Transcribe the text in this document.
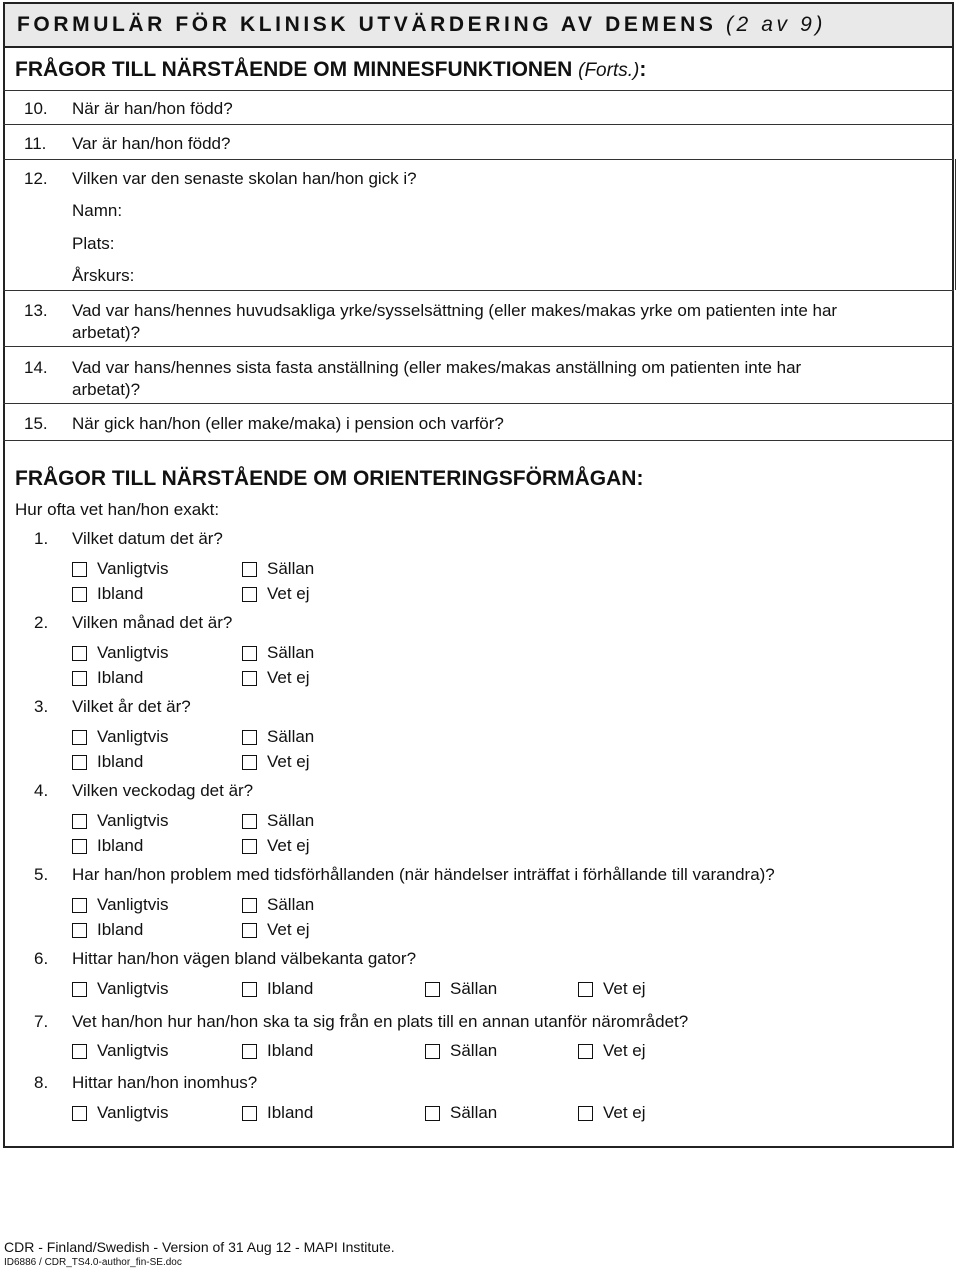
FORMULÄR FÖR KLINISK UTVÄRDERING AV DEMENS (2 av 9)
FRÅGOR TILL NÄRSTÅENDE OM MINNESFUNKTIONEN (Forts.):
10. När är han/hon född?
11. Var är han/hon född?
12. Vilken var den senaste skolan han/hon gick i?
Namn:
Plats:
Årskurs:
13. Vad var hans/hennes huvudsakliga yrke/sysselsättning (eller makes/makas yrke om patienten inte har
arbetat)?
14. Vad var hans/hennes sista fasta anställning (eller makes/makas anställning om patienten inte har
arbetat)?
15. När gick han/hon (eller make/maka) i pension och varför?
FRÅGOR TILL NÄRSTÅENDE OM ORIENTERINGSFÖRMÅGAN:
Hur ofta vet han/hon exakt:
1. Vilket datum det är?
Vanligtvis	Sällan
Ibland	Vet ej
2. Vilken månad det är?
Vanligtvis	Sällan
Ibland	Vet ej
3. Vilket år det är?
Vanligtvis	Sällan
Ibland	Vet ej
4. Vilken veckodag det är?
Vanligtvis	Sällan
Ibland	Vet ej
5. Har han/hon problem med tidsförhållanden (när händelser inträffat i förhållande till varandra)?
Vanligtvis	Sällan
Ibland	Vet ej
6. Hittar han/hon vägen bland välbekanta gator?
Vanligtvis	Ibland	Sällan	Vet ej
7. Vet han/hon hur han/hon ska ta sig från en plats till en annan utanför närområdet?
Vanligtvis	Ibland	Sällan	Vet ej
8. Hittar han/hon inomhus?
Vanligtvis	Ibland	Sällan	Vet ej
CDR - Finland/Swedish - Version of 31 Aug 12 - MAPI Institute.
ID6886 / CDR_TS4.0-author_fin-SE.doc
